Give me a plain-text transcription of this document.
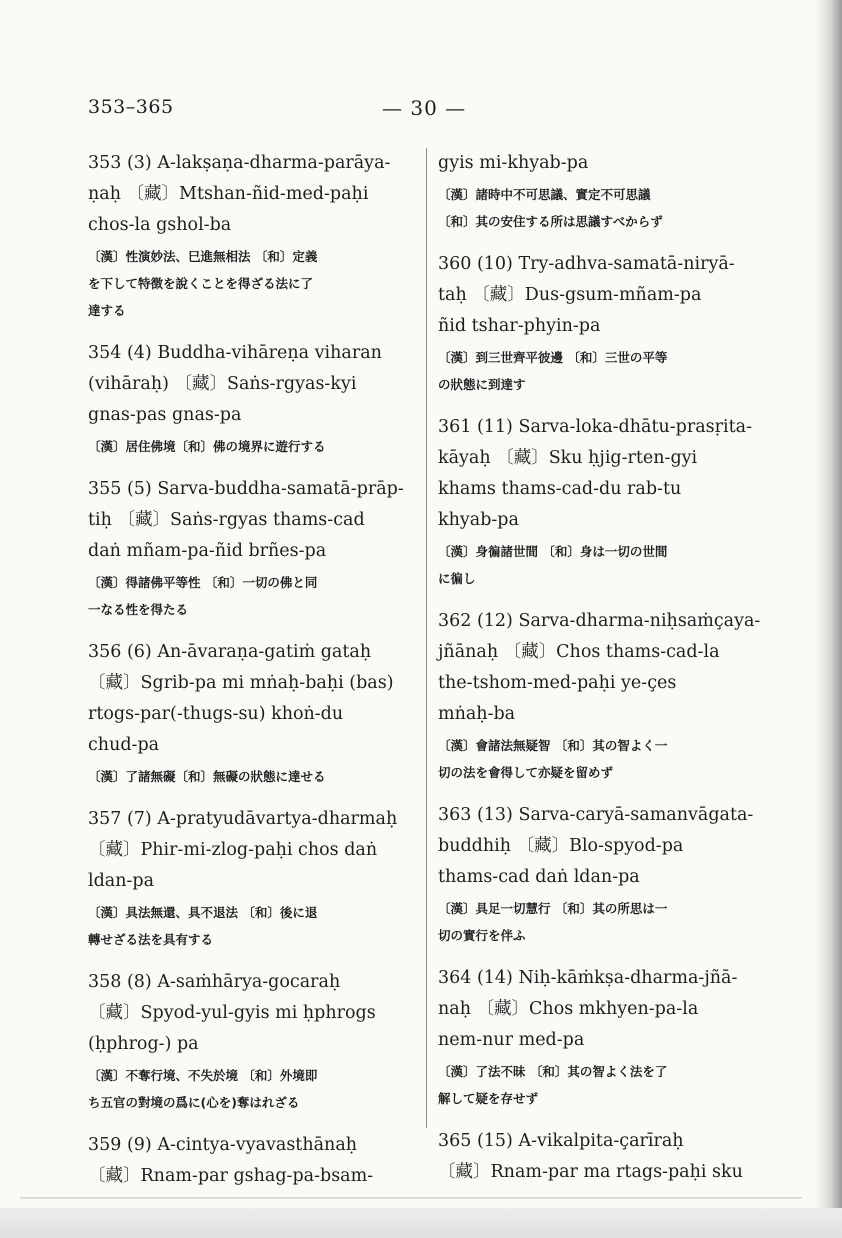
353–365	— 30 —
353 (3) A-lakṣaṇa-dharma-parāya-
ṇaḥ 〔藏〕Mtshan-ñid-med-paḥi
chos-la gshol-ba
〔漢〕性演妙法、巳進無相法 〔和〕定義
を下して特徴を說くことを得ざる法に了
達する
354 (4) Buddha-vihāreṇa viharan
(vihāraḥ) 〔藏〕Saṅs-rgyas-kyi
gnas-pas gnas-pa
〔漢〕居住佛境〔和〕佛の境界に遊行する
355 (5) Sarva-buddha-samatā-prāp-
tiḥ 〔藏〕Saṅs-rgyas thams-cad
daṅ mñam-pa-ñid brñes-pa
〔漢〕得諸佛平等性 〔和〕一切の佛と同
一なる性を得たる
356 (6) An-āvaraṇa-gatiṁ gataḥ
〔藏〕Sgrib-pa mi mṅaḥ-baḥi (bas)
rtogs-par(-thugs-su) khoṅ-du
chud-pa
〔漢〕了諸無礙〔和〕無礙の狀態に達せる
357 (7) A-pratyudāvartya-dharmaḥ
〔藏〕Phir-mi-zlog-paḥi chos daṅ
ldan-pa
〔漢〕具法無還、具不退法 〔和〕後に退
轉せざる法を具有する
358 (8) A-saṁhārya-gocaraḥ
〔藏〕Spyod-yul-gyis mi ḥphrogs
(ḥphrog-) pa
〔漢〕不奪行境、不失於境 〔和〕外境即
ち五官の對境の爲に(心を)奪はれざる
359 (9) A-cintya-vyavasthānaḥ
〔藏〕Rnam-par gshag-pa-bsam-
gyis mi-khyab-pa
〔漢〕諸時中不可思議、實定不可思議
〔和〕其の安住する所は思議すべからず
360 (10) Try-adhva-samatā-niryā-
taḥ 〔藏〕Dus-gsum-mñam-pa
ñid tshar-phyin-pa
〔漢〕到三世齊平彼邊 〔和〕三世の平等
の狀態に到達す
361 (11) Sarva-loka-dhātu-prasṛita-
kāyaḥ 〔藏〕Sku ḥjig-rten-gyi
khams thams-cad-du rab-tu
khyab-pa
〔漢〕身徧諸世間 〔和〕身は一切の世間
に徧し
362 (12) Sarva-dharma-niḥsaṁçaya-
jñānaḥ 〔藏〕Chos thams-cad-la
the-tshom-med-paḥi ye-çes
mṅaḥ-ba
〔漢〕會諸法無疑智 〔和〕其の智よく一
切の法を會得して亦疑を留めず
363 (13) Sarva-caryā-samanvāgata-
buddhiḥ 〔藏〕Blo-spyod-pa
thams-cad daṅ ldan-pa
〔漢〕具足一切慧行 〔和〕其の所思は一
切の實行を伴ふ
364 (14) Niḥ-kāṁkṣa-dharma-jñā-
naḥ 〔藏〕Chos mkhyen-pa-la
nem-nur med-pa
〔漢〕了法不昧 〔和〕其の智よく法を了
解して疑を存せず
365 (15) A-vikalpita-çarīraḥ
〔藏〕Rnam-par ma rtags-paḥi sku
